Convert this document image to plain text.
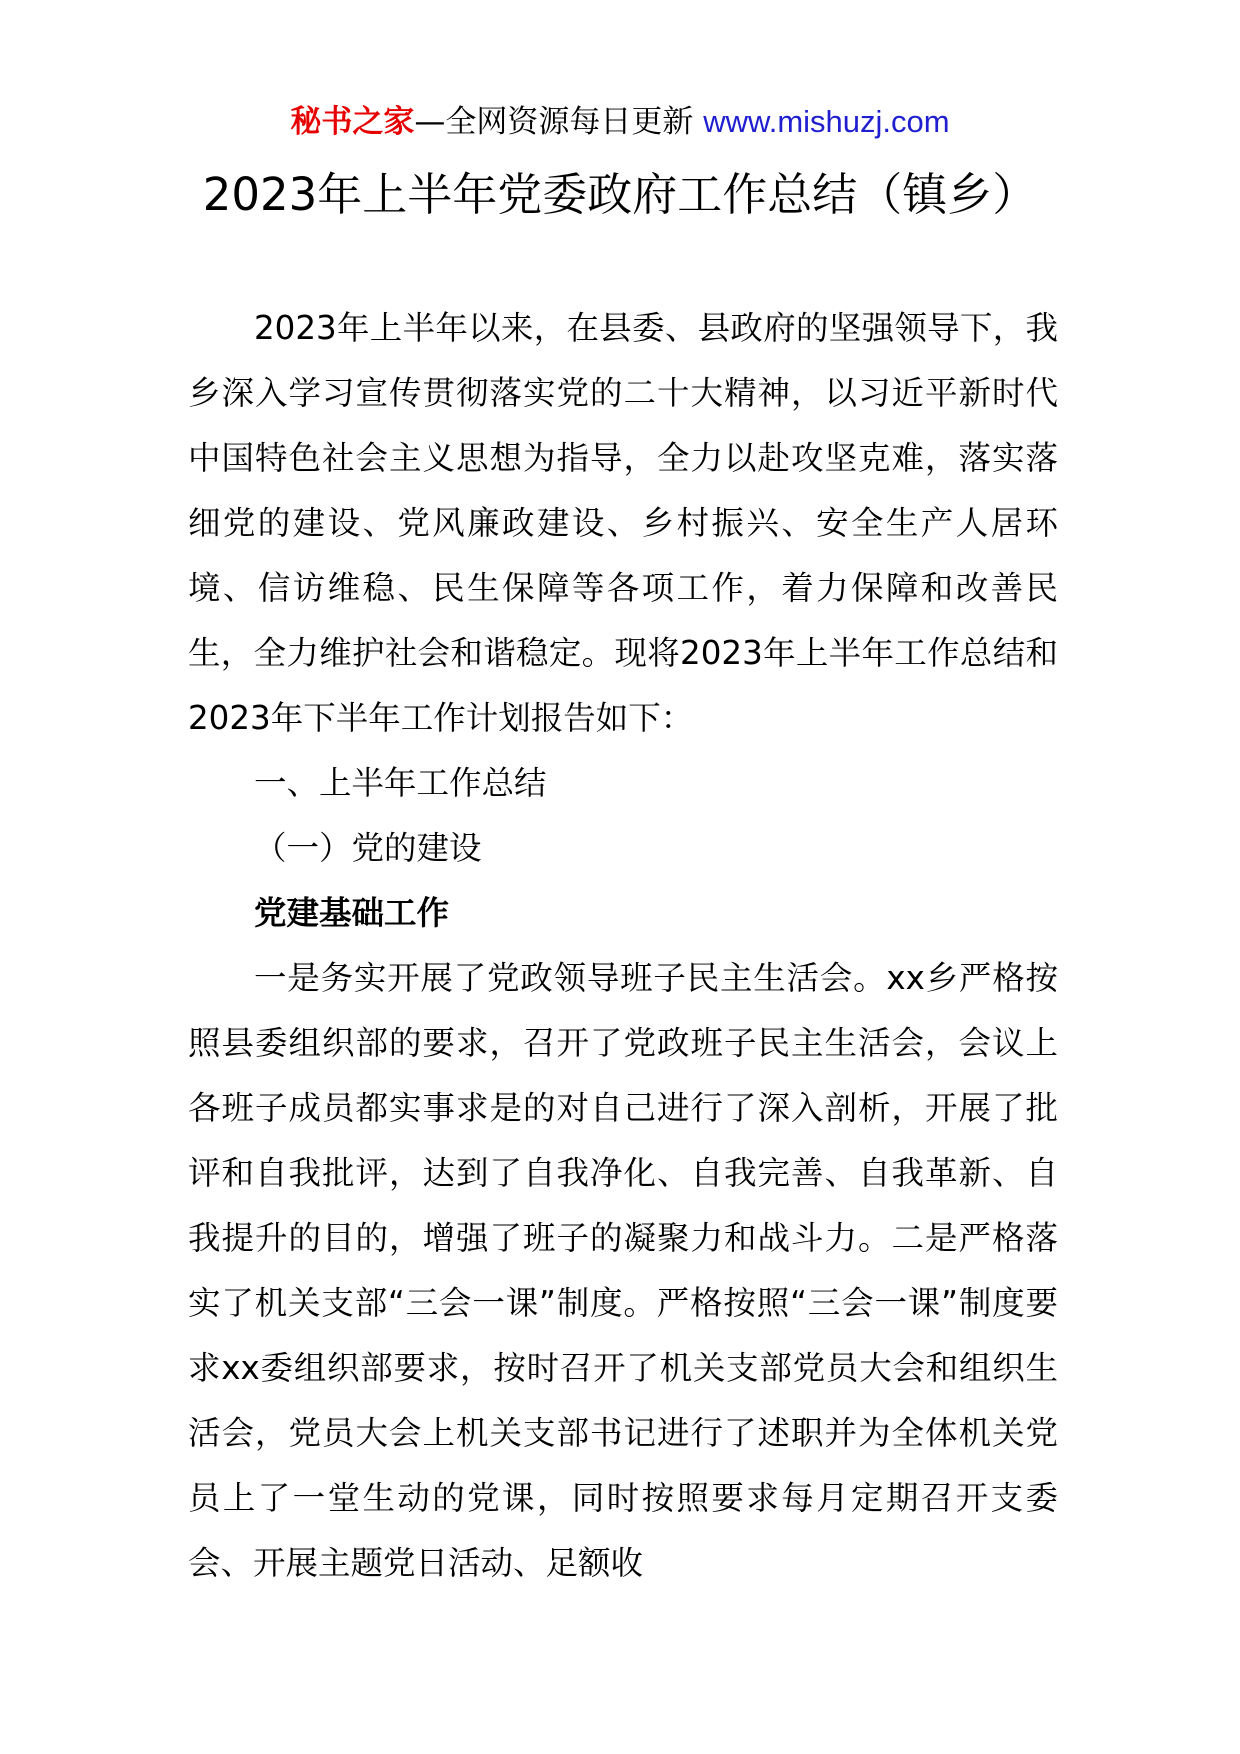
秘书之家—全网资源每日更新 www.mishuzj.com
2023年上半年党委政府工作总结（镇乡）

2023年上半年以来，在县委、县政府的坚强领导下，我乡深入学习宣传贯彻落实党的二十大精神，以习近平新时代中国特色社会主义思想为指导，全力以赴攻坚克难，落实落细党的建设、党风廉政建设、乡村振兴、安全生产人居环境、信访维稳、民生保障等各项工作，着力保障和改善民生，全力维护社会和谐稳定。现将2023年上半年工作总结和2023年下半年工作计划报告如下：

一、上半年工作总结

（一）党的建设

党建基础工作

一是务实开展了党政领导班子民主生活会。xx乡严格按照县委组织部的要求，召开了党政班子民主生活会，会议上各班子成员都实事求是的对自己进行了深入剖析，开展了批评和自我批评，达到了自我净化、自我完善、自我革新、自我提升的目的，增强了班子的凝聚力和战斗力。二是严格落实了机关支部“三会一课”制度。严格按照“三会一课”制度要求xx委组织部要求，按时召开了机关支部党员大会和组织生活会，党员大会上机关支部书记进行了述职并为全体机关党员上了一堂生动的党课，同时按照要求每月定期召开支委会、开展主题党日活动、足额收
